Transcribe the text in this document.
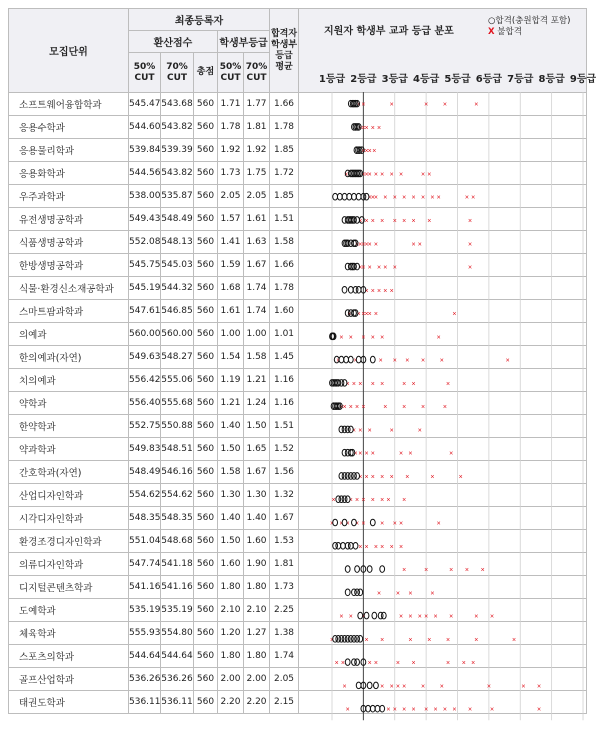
모집단위	최종등록자					합격자 학생부 등급 평균	
	환산점수			학생부등급			
	50% CUT	70% CUT	총점	50% CUT	70% CUT		
소프트웨어융합학과	545.47	543.68	560	1.71	1.77	1.66	
응용수학과	544.60	543.82	560	1.78	1.81	1.78	
응용물리학과	539.84	539.39	560	1.92	1.92	1.85	
응용화학과	544.56	543.82	560	1.73	1.75	1.72	
우주과학과	538.00	535.87	560	2.05	2.05	1.85	
유전생명공학과	549.43	548.49	560	1.57	1.61	1.51	
식품생명공학과	552.08	548.13	560	1.41	1.63	1.58	
한방생명공학과	545.75	545.03	560	1.59	1.67	1.66	
식물·환경신소재공학과	545.19	544.32	560	1.68	1.74	1.78	
스마트팜과학과	547.61	546.85	560	1.61	1.74	1.60	
의예과	560.00	560.00	560	1.00	1.00	1.01	
한의예과(자연)	549.63	548.27	560	1.54	1.58	1.45	
치의예과	556.42	555.06	560	1.19	1.21	1.16	
약학과	556.40	555.68	560	1.21	1.24	1.16	
한약학과	552.75	550.88	560	1.40	1.50	1.51	
약과학과	549.83	548.51	560	1.50	1.65	1.52	
간호학과(자연)	548.49	546.16	560	1.58	1.67	1.56	
산업디자인학과	554.62	554.62	560	1.30	1.30	1.32	
시각디자인학과	548.35	548.35	560	1.40	1.40	1.67	
환경조경디자인학과	551.04	548.68	560	1.50	1.60	1.53	
의류디자인학과	547.74	541.18	560	1.60	1.90	1.81	
디지털콘텐츠학과	541.16	541.16	560	1.80	1.80	1.73	
도예학과	535.19	535.19	560	2.10	2.10	2.25	
체육학과	555.93	554.80	560	1.20	1.27	1.38	
스포츠의학과	544.64	544.64	560	1.80	1.80	1.74	
골프산업학과	536.26	536.26	560	2.00	2.00	2.05	
태권도학과	536.11	536.11	560	2.20	2.20	2.15	
지원자 학생부 교과 등급 분포
○합격(충원합격 포함)
X 불합격
1등급 2등급 3등급 4등급 5등급 6등급 7등급 8등급 9등급
× ×	×	× ×	×
× × × × ×
× × × ×
× × × × × × × ×	× ×
× × × × × × × × × ×	× ×
× × × × × × × ×	×
× × × × × ×	× ×	×
× × × × × ×	×
× × × × ×
× × × × × ×	×
× × × × ×	×
× ×	× × × × ×	×
× × × × ×	× ×	×
× × × × ×	× × ×	×
× × ×	×	×
× × × ×	× ×	×
× × × × × ×	×	×
× × × × × × × ×
× × × × × × × ×	×
× × × × × ×
×	×	× × ×
× × ×	×
× × ×	× × × × × ×	× ×
×	× ×	× × ×	×	×
× ×	× ×	× ×	× × ×
×	× × × × × ×	×	× ×
×	× × × × × × × × ×	×	×
